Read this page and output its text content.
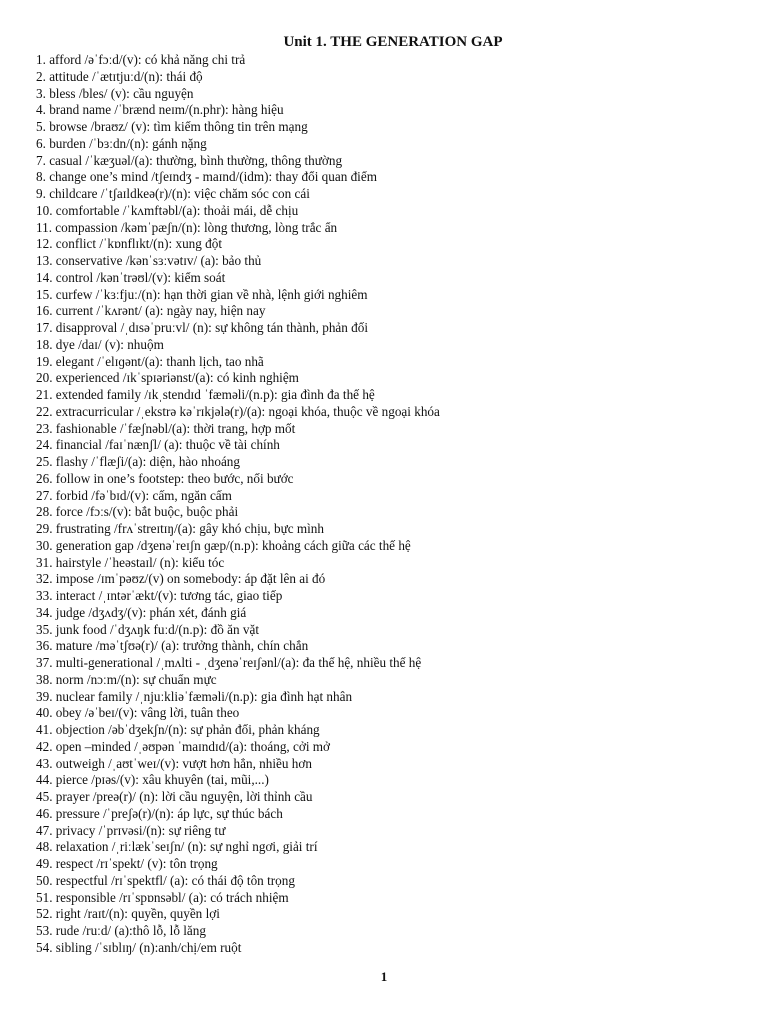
Unit 1. THE GENERATION GAP
1. afford /əˈfɔːd/(v): có khả năng chi trả
2. attitude /ˈætɪtjuːd/(n): thái độ
3. bless /bles/ (v): cầu nguyện
4. brand name /ˈbrænd neɪm/(n.phr): hàng hiệu
5. browse /braʊz/ (v): tìm kiếm thông tin trên mạng
6. burden /ˈbɜːdn/(n): gánh nặng
7. casual /ˈkæʒuəl/(a): thường, bình thường, thông thường
8. change one’s mind /tʃeɪndʒ - maɪnd/(idm): thay đổi quan điểm
9. childcare /ˈtʃaɪldkeə(r)/(n): việc chăm sóc con cái
10. comfortable /ˈkʌmftəbl/(a): thoải mái, dễ chịu
11. compassion /kəmˈpæʃn/(n): lòng thương, lòng trắc ẩn
12. conflict /ˈkɒnflɪkt/(n): xung đột
13. conservative /kənˈsɜːvətɪv/ (a): bảo thủ
14. control /kənˈtrəʊl/(v): kiểm soát
15. curfew /ˈkɜːfjuː/(n): hạn thời gian về nhà, lệnh giới nghiêm
16. current /ˈkʌrənt/ (a): ngày nay, hiện nay
17. disapproval /ˌdɪsəˈpruːvl/ (n): sự không tán thành, phản đối
18. dye /daɪ/ (v): nhuộm
19. elegant /ˈelɪɡənt/(a): thanh lịch, tao nhã
20. experienced /ɪkˈspɪəriənst/(a): có kinh nghiệm
21. extended family /ɪkˌstendɪd ˈfæməli/(n.p): gia đình đa thế hệ
22. extracurricular /ˌekstrə kəˈrɪkjələ(r)/(a): ngoại khóa, thuộc về ngoại khóa
23. fashionable /ˈfæʃnəbl/(a): thời trang, hợp mốt
24. financial /faɪˈnænʃl/ (a): thuộc về tài chính
25. flashy /ˈflæʃi/(a): diện, hào nhoáng
26. follow in one’s footstep: theo bước, nối bước
27. forbid /fəˈbɪd/(v): cấm, ngăn cấm
28. force /fɔːs/(v): bắt buộc, buộc phải
29. frustrating /frʌˈstreɪtɪŋ/(a): gây khó chịu, bực mình
30. generation gap /dʒenəˈreɪʃn ɡæp/(n.p): khoảng cách giữa các thế hệ
31. hairstyle /ˈheəstaɪl/ (n): kiểu tóc
32. impose /ɪmˈpəʊz/(v) on somebody: áp đặt lên ai đó
33. interact /ˌɪntərˈækt/(v): tương tác, giao tiếp
34. judge /dʒʌdʒ/(v): phán xét, đánh giá
35. junk food /ˈdʒʌŋk fuːd/(n.p): đồ ăn vặt
36. mature /məˈtʃʊə(r)/ (a): trưởng thành, chín chắn
37. multi-generational /ˌmʌlti - ˌdʒenəˈreɪʃənl/(a): đa thế hệ, nhiều thế hệ
38. norm /nɔːm/(n): sự chuẩn mực
39. nuclear family /ˌnjuːkliəˈfæməli/(n.p): gia đình hạt nhân
40. obey /əˈbeɪ/(v): vâng lời, tuân theo
41. objection /əbˈdʒekʃn/(n): sự phản đối, phản kháng
42. open –minded /ˌəʊpən ˈmaɪndɪd/(a): thoáng, cởi mở
43. outweigh /ˌaʊtˈweɪ/(v): vượt hơn hẳn, nhiều hơn
44. pierce /pɪəs/(v): xâu khuyên (tai, mũi,...)
45. prayer /preə(r)/ (n): lời cầu nguyện, lời thỉnh cầu
46. pressure /ˈpreʃə(r)/(n): áp lực, sự thúc bách
47. privacy /ˈprɪvəsi/(n): sự riêng tư
48. relaxation /ˌriːlækˈseɪʃn/ (n): sự nghỉ ngơi, giải trí
49. respect /rɪˈspekt/ (v): tôn trọng
50. respectful /rɪˈspektfl/ (a): có thái độ tôn trọng
51. responsible /rɪˈspɒnsəbl/ (a): có trách nhiệm
52. right /raɪt/(n): quyền, quyền lợi
53. rude /ruːd/ (a):thô lỗ, lỗ lăng
54. sibling /ˈsɪblɪŋ/ (n):anh/chị/em ruột
1
